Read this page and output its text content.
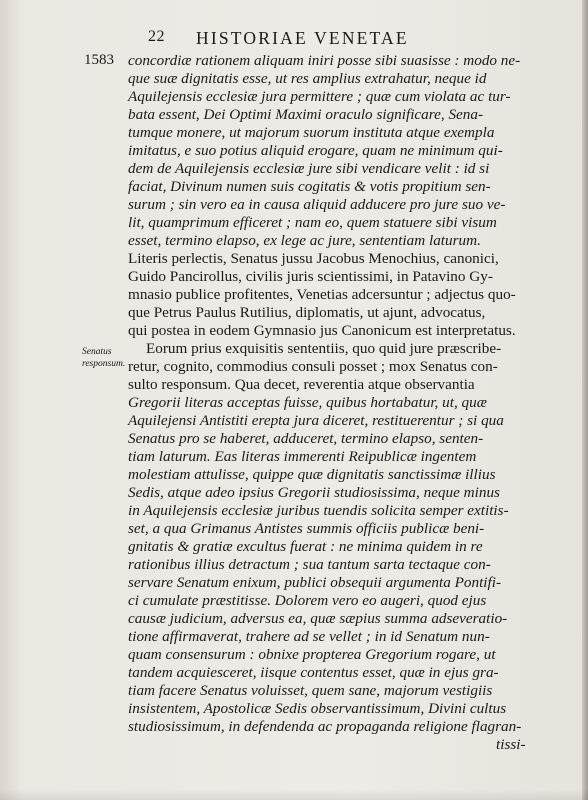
22 HISTORIAE VENETAE
1583
Senatus
responsum.
concordiæ rationem aliquam iniri posse sibi suasisse : modo ne-
que suæ dignitatis esse, ut res amplius extrahatur, neque id
Aquilejensis ecclesiæ jura permittere ; quæ cum violata ac tur-
bata essent, Dei Optimi Maximi oraculo significare, Sena-
tumque monere, ut majorum suorum instituta atque exempla
imitatus, e suo potius aliquid erogare, quam ne minimum qui-
dem de Aquilejensis ecclesiæ jure sibi vendicare velit : id si
faciat, Divinum numen suis cogitatis & votis propitium sen-
surum ; sin vero ea in causa aliquid adducere pro jure suo ve-
lit, quamprimum efficeret ; nam eo, quem statuere sibi visum
esset, termino elapso, ex lege ac jure, sententiam laturum.
Literis perlectis, Senatus jussu Jacobus Menochius, canonici,
Guido Pancirollus, civilis juris scientissimi, in Patavino Gy-
mnasio publice profitentes, Venetias adcersuntur ; adjectus quo-
que Petrus Paulus Rutilius, diplomatis, ut ajunt, advocatus,
qui postea in eodem Gymnasio jus Canonicum est interpretatus.
Eorum prius exquisitis sententiis, quo quid jure præscribe-
retur, cognito, commodius consuli posset ; mox Senatus con-
sulto responsum. Qua decet, reverentia atque observantia
Gregorii literas acceptas fuisse, quibus hortabatur, ut, quæ
Aquilejensi Antistiti erepta jura diceret, restituerentur ; si qua
Senatus pro se haberet, adduceret, termino elapso, senten-
tiam laturum. Eas literas immerenti Reipublicæ ingentem
molestiam attulisse, quippe quæ dignitatis sanctissimæ illius
Sedis, atque adeo ipsius Gregorii studiosissima, neque minus
in Aquilejensis ecclesiæ juribus tuendis solicita semper extitis-
set, a qua Grimanus Antistes summis officiis publicæ beni-
gnitatis & gratiæ excultus fuerat : ne minima quidem in re
rationibus illius detractum ; sua tantum sarta tectaque con-
servare Senatum enixum, publici obsequii argumenta Pontifi-
ci cumulate præstitisse. Dolorem vero eo augeri, quod ejus
causæ judicium, adversus ea, quæ sæpius summa adseveratio-
tione affirmaverat, trahere ad se vellet ; in id Senatum nun-
quam consensurum : obnixe propterea Gregorium rogare, ut
tandem acquiesceret, iisque contentus esset, quæ in ejus gra-
tiam facere Senatus voluisset, quem sane, majorum vestigiis
insistentem, Apostolicæ Sedis observantissimum, Divini cultus
studiosissimum, in defendenda ac propaganda religione flagran-
tissi-
